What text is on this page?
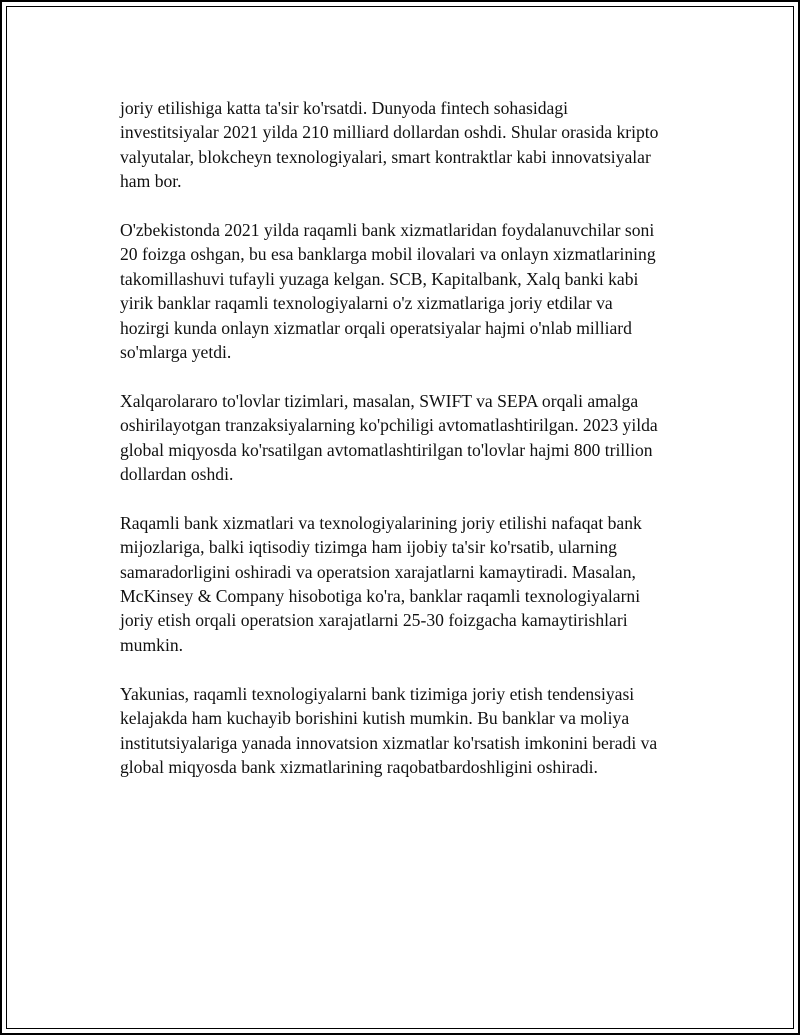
joriy etilishiga katta ta'sir ko'rsatdi. Dunyoda fintech sohasidagi
investitsiyalar 2021 yilda 210 milliard dollardan oshdi. Shular orasida kripto
valyutalar, blokcheyn texnologiyalari, smart kontraktlar kabi innovatsiyalar
ham bor.

O'zbekistonda 2021 yilda raqamli bank xizmatlaridan foydalanuvchilar soni
20 foizga oshgan, bu esa banklarga mobil ilovalari va onlayn xizmatlarining
takomillashuvi tufayli yuzaga kelgan. SCB, Kapitalbank, Xalq banki kabi
yirik banklar raqamli texnologiyalarni o'z xizmatlariga joriy etdilar va
hozirgi kunda onlayn xizmatlar orqali operatsiyalar hajmi o'nlab milliard
so'mlarga yetdi.

Xalqarolararo to'lovlar tizimlari, masalan, SWIFT va SEPA orqali amalga
oshirilayotgan tranzaksiyalarning ko'pchiligi avtomatlashtirilgan. 2023 yilda
global miqyosda ko'rsatilgan avtomatlashtirilgan to'lovlar hajmi 800 trillion
dollardan oshdi.

Raqamli bank xizmatlari va texnologiyalarining joriy etilishi nafaqat bank
mijozlariga, balki iqtisodiy tizimga ham ijobiy ta'sir ko'rsatib, ularning
samaradorligini oshiradi va operatsion xarajatlarni kamaytiradi. Masalan,
McKinsey & Company hisobotiga ko'ra, banklar raqamli texnologiyalarni
joriy etish orqali operatsion xarajatlarni 25-30 foizgacha kamaytirishlari
mumkin.

Yakunias, raqamli texnologiyalarni bank tizimiga joriy etish tendensiyasi
kelajakda ham kuchayib borishini kutish mumkin. Bu banklar va moliya
institutsiyalariga yanada innovatsion xizmatlar ko'rsatish imkonini beradi va
global miqyosda bank xizmatlarining raqobatbardoshligini oshiradi.
